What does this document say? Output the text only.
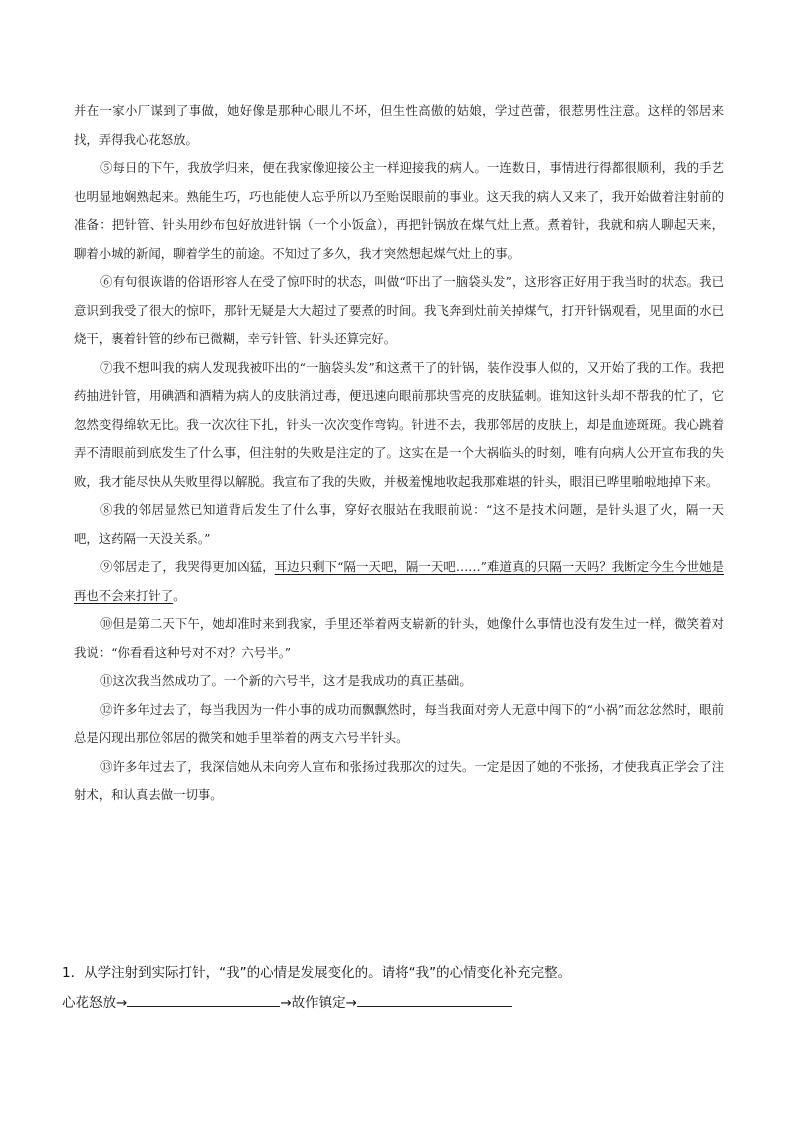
并在一家小厂谋到了事做，她好像是那种心眼儿不坏，但生性高傲的姑娘，学过芭蕾，很惹男性注意。这样的邻居来找，弄得我心花怒放。

⑤每日的下午，我放学归来，便在我家像迎接公主一样迎接我的病人。一连数日，事情进行得都很顺利，我的手艺也明显地娴熟起来。熟能生巧，巧也能使人忘乎所以乃至贻误眼前的事业。这天我的病人又来了，我开始做着注射前的准备：把针管、针头用纱布包好放进针锅（一个小饭盒），再把针锅放在煤气灶上煮。煮着针，我就和病人聊起天来，聊着小城的新闻，聊着学生的前途。不知过了多久，我才突然想起煤气灶上的事。

⑥有句很诙谐的俗语形容人在受了惊吓时的状态，叫做“吓出了一脑袋头发”，这形容正好用于我当时的状态。我已意识到我受了很大的惊吓，那针无疑是大大超过了要煮的时间。我飞奔到灶前关掉煤气，打开针锅观看，见里面的水已烧干，裹着针管的纱布已微糊，幸亏针管、针头还算完好。

⑦我不想叫我的病人发现我被吓出的“一脑袋头发”和这煮干了的针锅，装作没事人似的，又开始了我的工作。我把药抽进针管，用碘酒和酒精为病人的皮肤消过毒，便迅速向眼前那块雪亮的皮肤猛刺。谁知这针头却不帮我的忙了，它忽然变得绵软无比。我一次次往下扎，针头一次次变作弯钩。针进不去，我那邻居的皮肤上，却是血迹斑斑。我心跳着弄不清眼前到底发生了什么事，但注射的失败是注定的了。这实在是一个大祸临头的时刻，唯有向病人公开宣布我的失败，我才能尽快从失败里得以解脱。我宣布了我的失败，并极羞愧地收起我那难堪的针头，眼泪已哗里啪啦地掉下来。

⑧我的邻居显然已知道背后发生了什么事，穿好衣服站在我眼前说：“这不是技术问题，是针头退了火，隔一天吧，这药隔一天没关系。”

⑨邻居走了，我哭得更加凶猛，耳边只剩下“隔一天吧，隔一天吧……”难道真的只隔一天吗？我断定今生今世她是再也不会来打针了。

⑩但是第二天下午，她却准时来到我家，手里还举着两支崭新的针头，她像什么事情也没有发生过一样，微笑着对我说：“你看看这种号对不对？六号半。”

⑪这次我当然成功了。一个新的六号半，这才是我成功的真正基础。

⑫许多年过去了，每当我因为一件小事的成功而飘飘然时，每当我面对旁人无意中闯下的“小祸”而忿忿然时，眼前总是闪现出那位邻居的微笑和她手里举着的两支六号半针头。

⑬许多年过去了，我深信她从未向旁人宣布和张扬过我那次的过失。一定是因了她的不张扬，才使我真正学会了注射术，和认真去做一切事。

1．从学注射到实际打针，“我”的心情是发展变化的。请将“我”的心情变化补充完整。

心花怒放→	→故作镇定→
